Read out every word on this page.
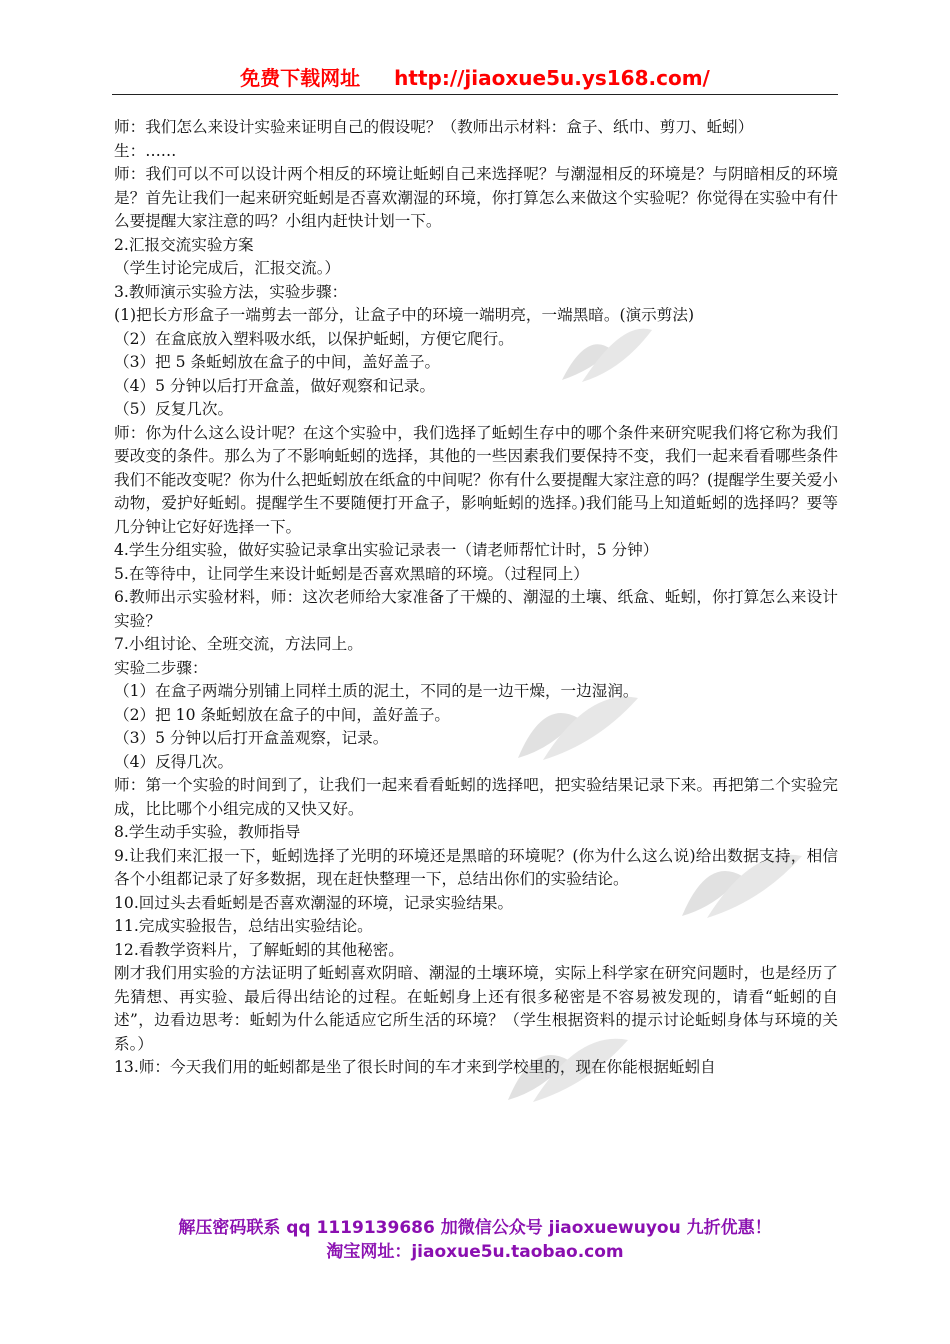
免费下载网址 http://jiaoxue5u.ys168.com/

师：我们怎么来设计实验来证明自己的假设呢？（教师出示材料：盒子、纸巾、剪刀、蚯蚓）

生：……

师：我们可以不可以设计两个相反的环境让蚯蚓自己来选择呢？与潮湿相反的环境是？与阴暗相反的环境是？首先让我们一起来研究蚯蚓是否喜欢潮湿的环境，你打算怎么来做这个实验呢？你觉得在实验中有什么要提醒大家注意的吗？小组内赶快计划一下。

2.汇报交流实验方案

（学生讨论完成后，汇报交流。）

3.教师演示实验方法，实验步骤：

(1)把长方形盒子一端剪去一部分，让盒子中的环境一端明亮，一端黑暗。(演示剪法)

（2）在盒底放入塑料吸水纸，以保护蚯蚓，方便它爬行。

（3）把 5 条蚯蚓放在盒子的中间，盖好盖子。

（4）5 分钟以后打开盒盖，做好观察和记录。

（5）反复几次。

师：你为什么这么设计呢？在这个实验中，我们选择了蚯蚓生存中的哪个条件来研究呢我们将它称为我们要改变的条件。那么为了不影响蚯蚓的选择，其他的一些因素我们要保持不变，我们一起来看看哪些条件我们不能改变呢？你为什么把蚯蚓放在纸盒的中间呢？你有什么要提醒大家注意的吗？(提醒学生要关爱小动物，爱护好蚯蚓。提醒学生不要随便打开盒子，影响蚯蚓的选择。)我们能马上知道蚯蚓的选择吗？要等几分钟让它好好选择一下。

4.学生分组实验，做好实验记录拿出实验记录表一（请老师帮忙计时，5 分钟）

5.在等待中，让同学生来设计蚯蚓是否喜欢黑暗的环境。（过程同上）

6.教师出示实验材料，师：这次老师给大家准备了干燥的、潮湿的土壤、纸盒、蚯蚓，你打算怎么来设计实验？

7.小组讨论、全班交流，方法同上。

实验二步骤：

（1）在盒子两端分别铺上同样土质的泥土，不同的是一边干燥，一边湿润。

（2）把 10 条蚯蚓放在盒子的中间，盖好盖子。

（3）5 分钟以后打开盒盖观察，记录。

（4）反得几次。

师：第一个实验的时间到了，让我们一起来看看蚯蚓的选择吧，把实验结果记录下来。再把第二个实验完成，比比哪个小组完成的又快又好。

8.学生动手实验，教师指导

9.让我们来汇报一下，蚯蚓选择了光明的环境还是黑暗的环境呢？(你为什么这么说)给出数据支持，相信各个小组都记录了好多数据，现在赶快整理一下，总结出你们的实验结论。

10.回过头去看蚯蚓是否喜欢潮湿的环境，记录实验结果。

11.完成实验报告，总结出实验结论。

12.看教学资料片，了解蚯蚓的其他秘密。

刚才我们用实验的方法证明了蚯蚓喜欢阴暗、潮湿的土壤环境，实际上科学家在研究问题时，也是经历了先猜想、再实验、最后得出结论的过程。在蚯蚓身上还有很多秘密是不容易被发现的，请看“蚯蚓的自述”，边看边思考：蚯蚓为什么能适应它所生活的环境？（学生根据资料的提示讨论蚯蚓身体与环境的关系。）

13.师：今天我们用的蚯蚓都是坐了很长时间的车才来到学校里的，现在你能根据蚯蚓自

解压密码联系 qq 1119139686 加微信公众号 jiaoxuewuyou 九折优惠！
淘宝网址：jiaoxue5u.taobao.com
